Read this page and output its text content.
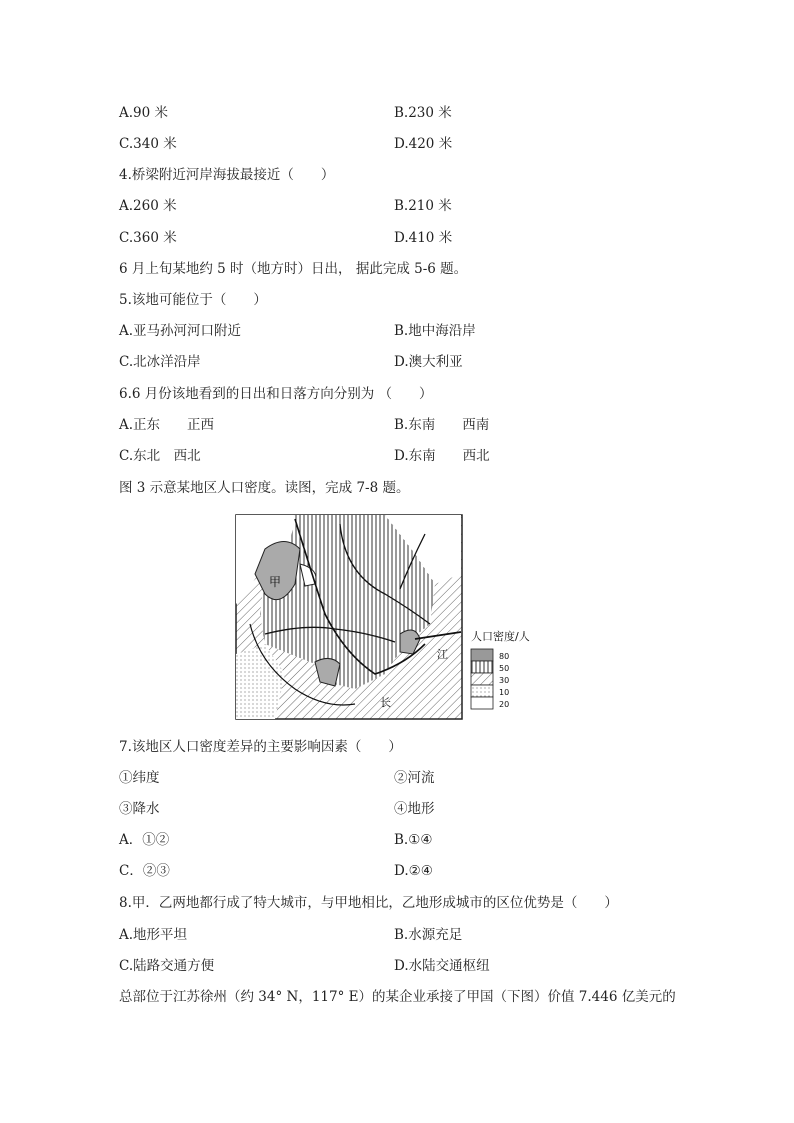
A.90 米	B.230 米
C.340 米	D.420 米
4.桥梁附近河岸海拔最接近（　　）
A.260 米	B.210 米
C.360 米	D.410 米
6 月上旬某地约 5 时（地方时）日出， 据此完成 5-6 题。
5.该地可能位于（　　）
A.亚马孙河河口附近	B.地中海沿岸
C.北冰洋沿岸	D.澳大利亚
6.6 月份该地看到的日出和日落方向分别为 （　　）
A.正东　　正西	B.东南　　西南
C.东北　西北	D.东南　　西北
图 3 示意某地区人口密度。读图，完成 7-8 题。
甲
江
长
人口密度/人
80
50
30
10
20
7.该地区人口密度差异的主要影响因素（　　）
①纬度	②河流
③降水	④地形
A．①②	B.①④
C．②③	D.②④
8.甲．乙两地都行成了特大城市，与甲地相比，乙地形成城市的区位优势是（　　）
A.地形平坦	B.水源充足
C.陆路交通方便	D.水陆交通枢纽
总部位于江苏徐州（约 34° N，117° E）的某企业承接了甲国（下图）价值 7.446 亿美元的
